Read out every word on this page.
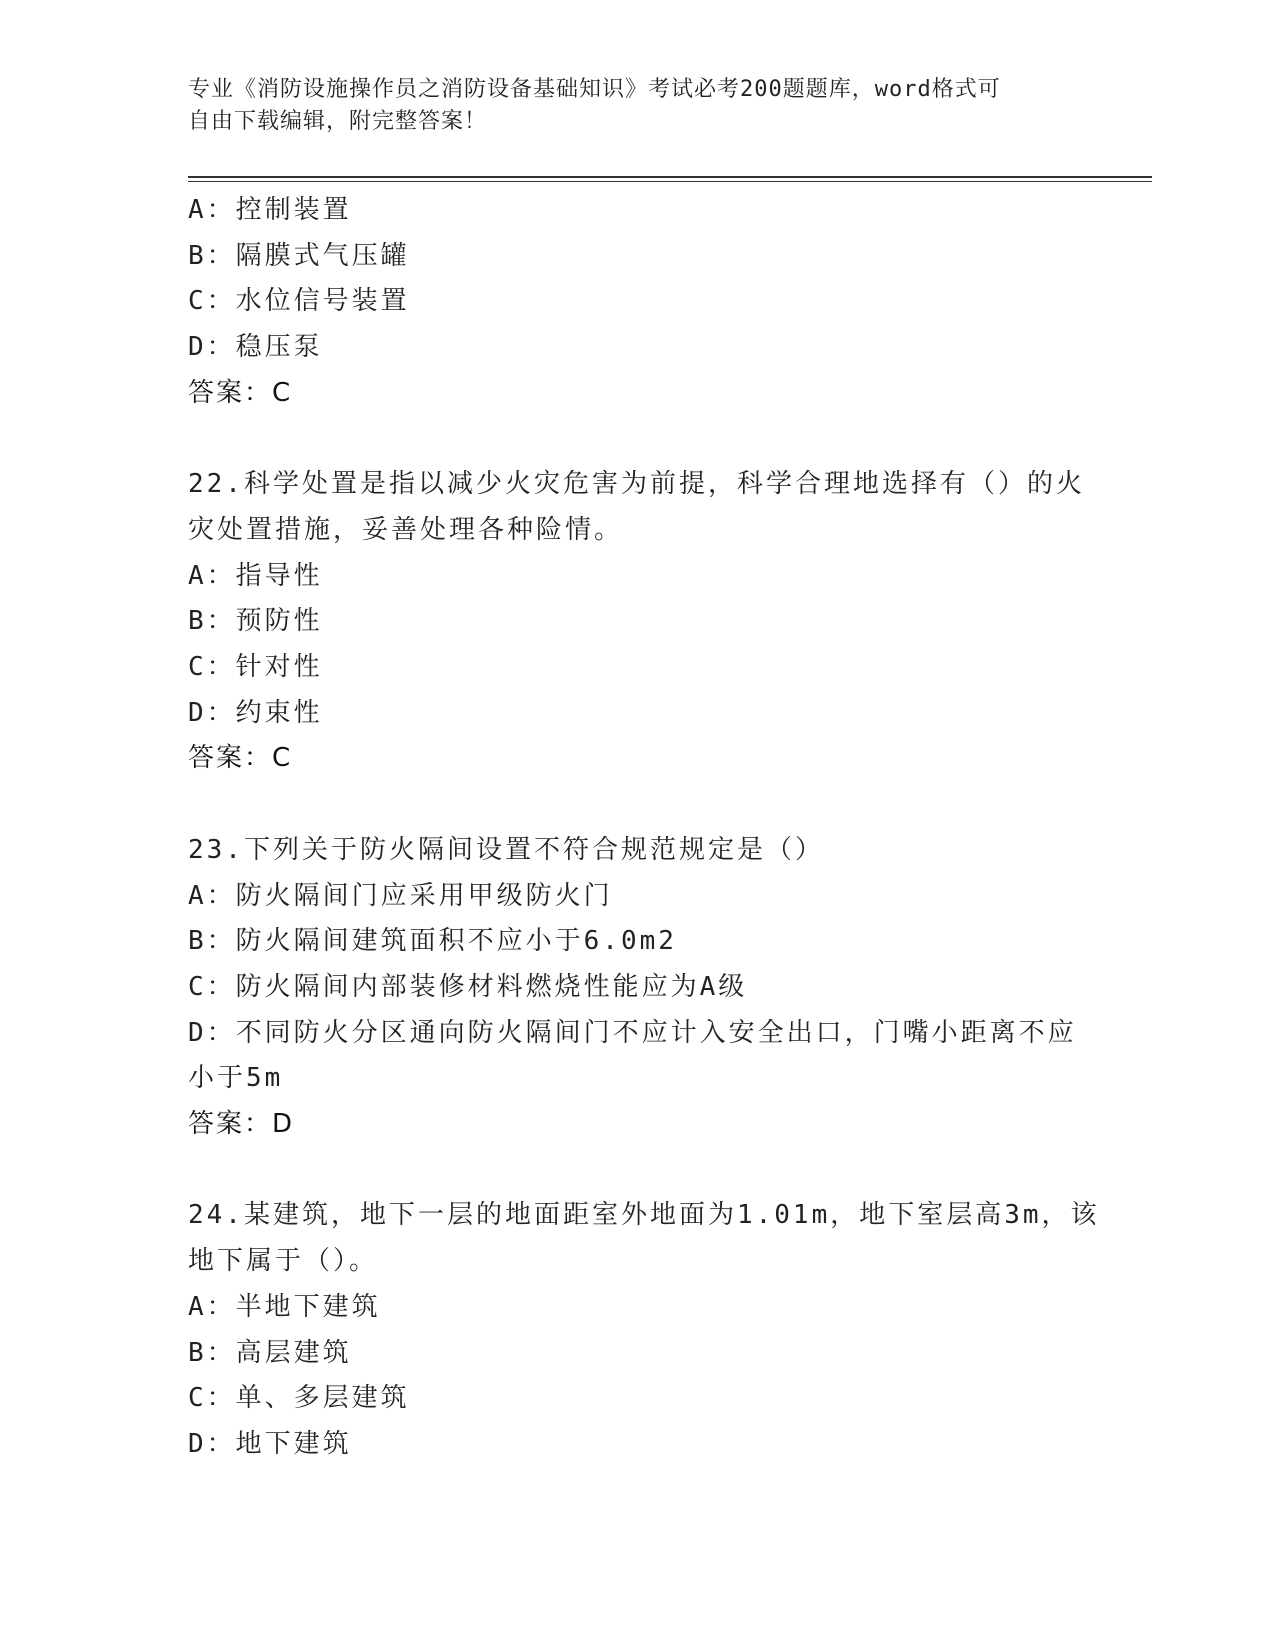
专业《消防设施操作员之消防设备基础知识》考试必考200题题库，word格式可
自由下载编辑，附完整答案！
A：控制装置
B：隔膜式气压罐
C：水位信号装置
D：稳压泵
答案：C
22.科学处置是指以减少火灾危害为前提，科学合理地选择有（）的火
灾处置措施，妥善处理各种险情。
A：指导性
B：预防性
C：针对性
D：约束性
答案：C
23.下列关于防火隔间设置不符合规范规定是（）
A：防火隔间门应采用甲级防火门
B：防火隔间建筑面积不应小于6.0m2
C：防火隔间内部装修材料燃烧性能应为A级
D：不同防火分区通向防火隔间门不应计入安全出口，门嘴小距离不应
小于5m
答案：D
24.某建筑，地下一层的地面距室外地面为1.01m，地下室层高3m，该
地下属于（）。
A：半地下建筑
B：高层建筑
C：单、多层建筑
D：地下建筑
